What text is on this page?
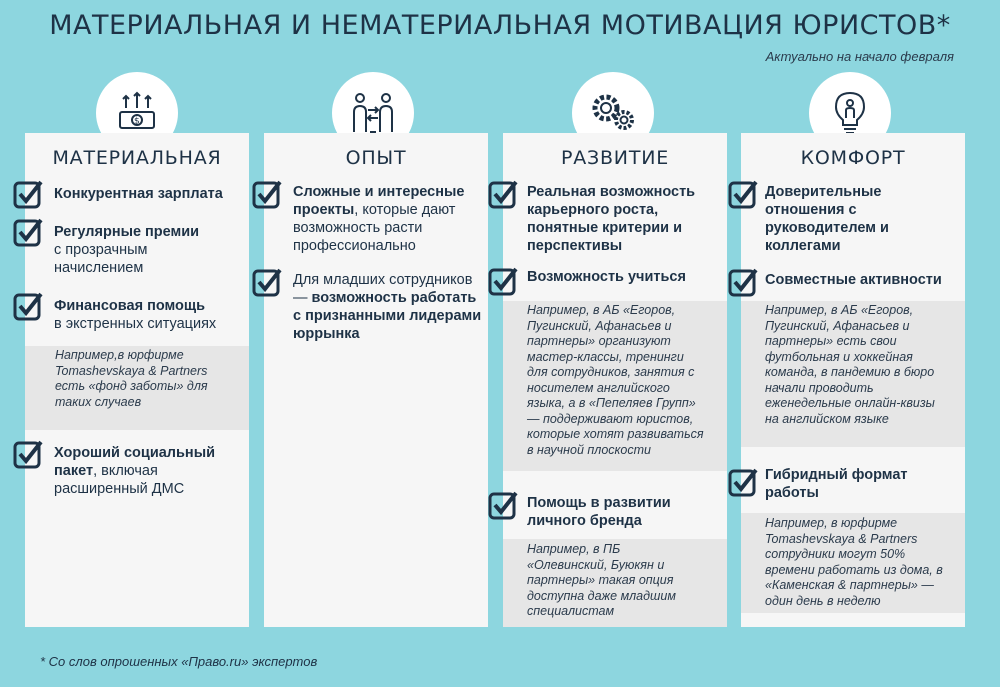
МАТЕРИАЛЬНАЯ И НЕМАТЕРИАЛЬНАЯ МОТИВАЦИЯ ЮРИСТОВ*
Актуально на начало февраля
$
МАТЕРИАЛЬНАЯ
Конкурентная зарплата
Регулярные премии
с прозрачным начислением
Финансовая помощь
в экстренных ситуациях
Например,в юрфирме Tomashevskaya & Partners есть «фонд заботы» для таких случаев
Хороший социальный пакет, включая расширенный ДМС
ОПЫТ
Сложные и интересные проекты, которые дают возможность расти профессионально
Для младших сотрудников — возможность работать с признанными лидерами юррынка
РАЗВИТИЕ
Реальная возможность карьерного роста, понятные критерии и перспективы
Возможность учиться
Например, в АБ «Егоров, Пугинский, Афанасьев и партнеры» организуют мастер-классы, тренинги для сотрудников, занятия с носителем английского языка, а в «Пепеляев Групп» — поддерживают юристов, которые хотят развиваться в научной плоскости
Помощь в развитии личного бренда
Например, в ПБ «Олевинский, Буюкян и партнеры» такая опция доступна даже младшим специалистам
КОМФОРТ
Доверительные отношения с руководителем и коллегами
Совместные активности
Например, в АБ «Егоров, Пугинский, Афанасьев и партнеры» есть свои футбольная и хоккейная команда, в пандемию в бюро начали проводить еженедельные онлайн-квизы на английском языке
Гибридный формат работы
Например, в юрфирме Tomashevskaya & Partners сотрудники могут 50% времени работать из дома, в «Каменская & партнеры» — один день в неделю
* Со слов опрошенных «Право.ru» экспертов
